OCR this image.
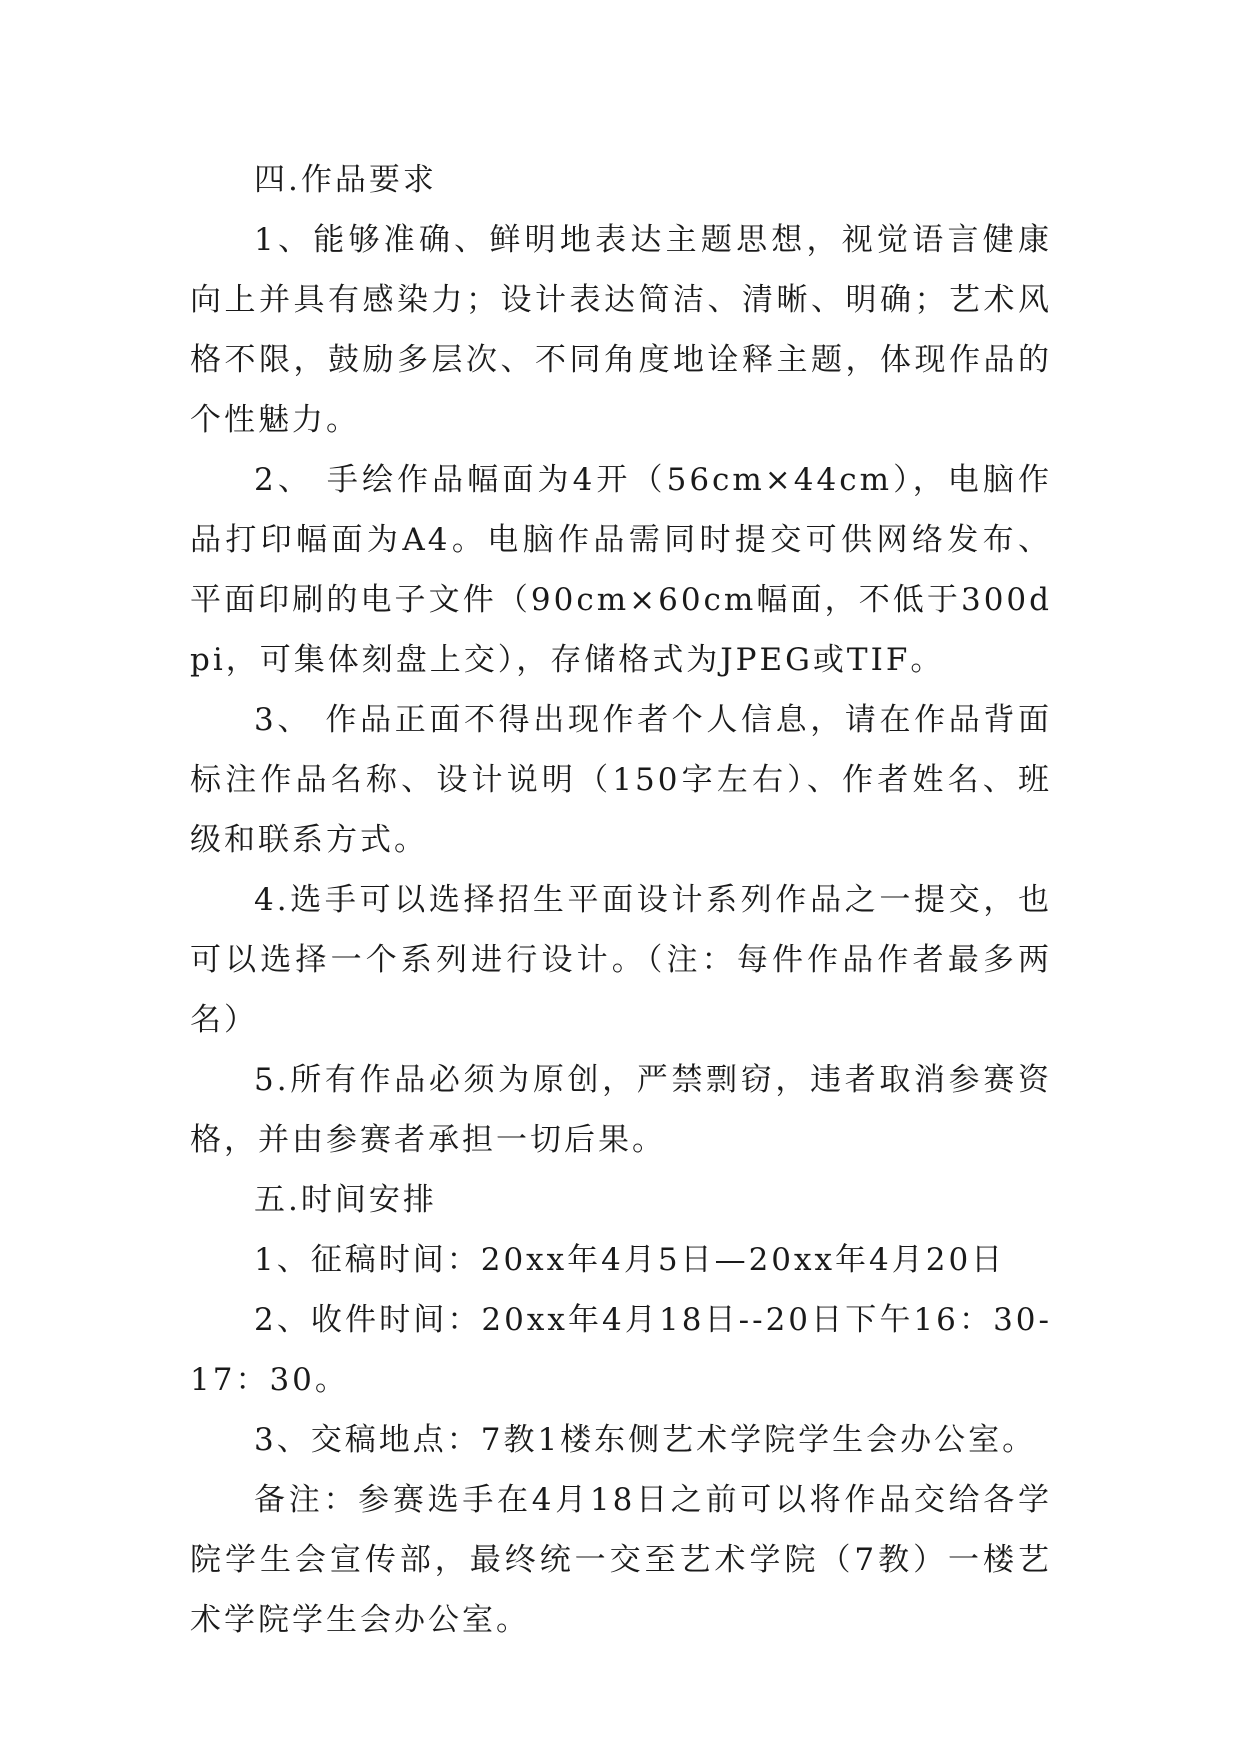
四.作品要求

1、能够准确、鲜明地表达主题思想，视觉语言健康向上并具有感染力；设计表达简洁、清晰、明确；艺术风格不限，鼓励多层次、不同角度地诠释主题，体现作品的个性魅力。

2、 手绘作品幅面为4开（56cm×44cm），电脑作品打印幅面为A4。电脑作品需同时提交可供网络发布、平面印刷的电子文件（90cm×60cm幅面，不低于300dpi，可集体刻盘上交），存储格式为JPEG或TIF。

3、 作品正面不得出现作者个人信息，请在作品背面标注作品名称、设计说明（150字左右）、作者姓名、班级和联系方式。

4.选手可以选择招生平面设计系列作品之一提交，也可以选择一个系列进行设计。（注：每件作品作者最多两名）

5.所有作品必须为原创，严禁剽窃，违者取消参赛资格，并由参赛者承担一切后果。

五.时间安排

1、征稿时间：20xx年4月5日—20xx年4月20日

2、收件时间：20xx年4月18日--20日下午16：30-17：30。

3、交稿地点：7教1楼东侧艺术学院学生会办公室。

备注：参赛选手在4月18日之前可以将作品交给各学院学生会宣传部，最终统一交至艺术学院（7教）一楼艺术学院学生会办公室。
